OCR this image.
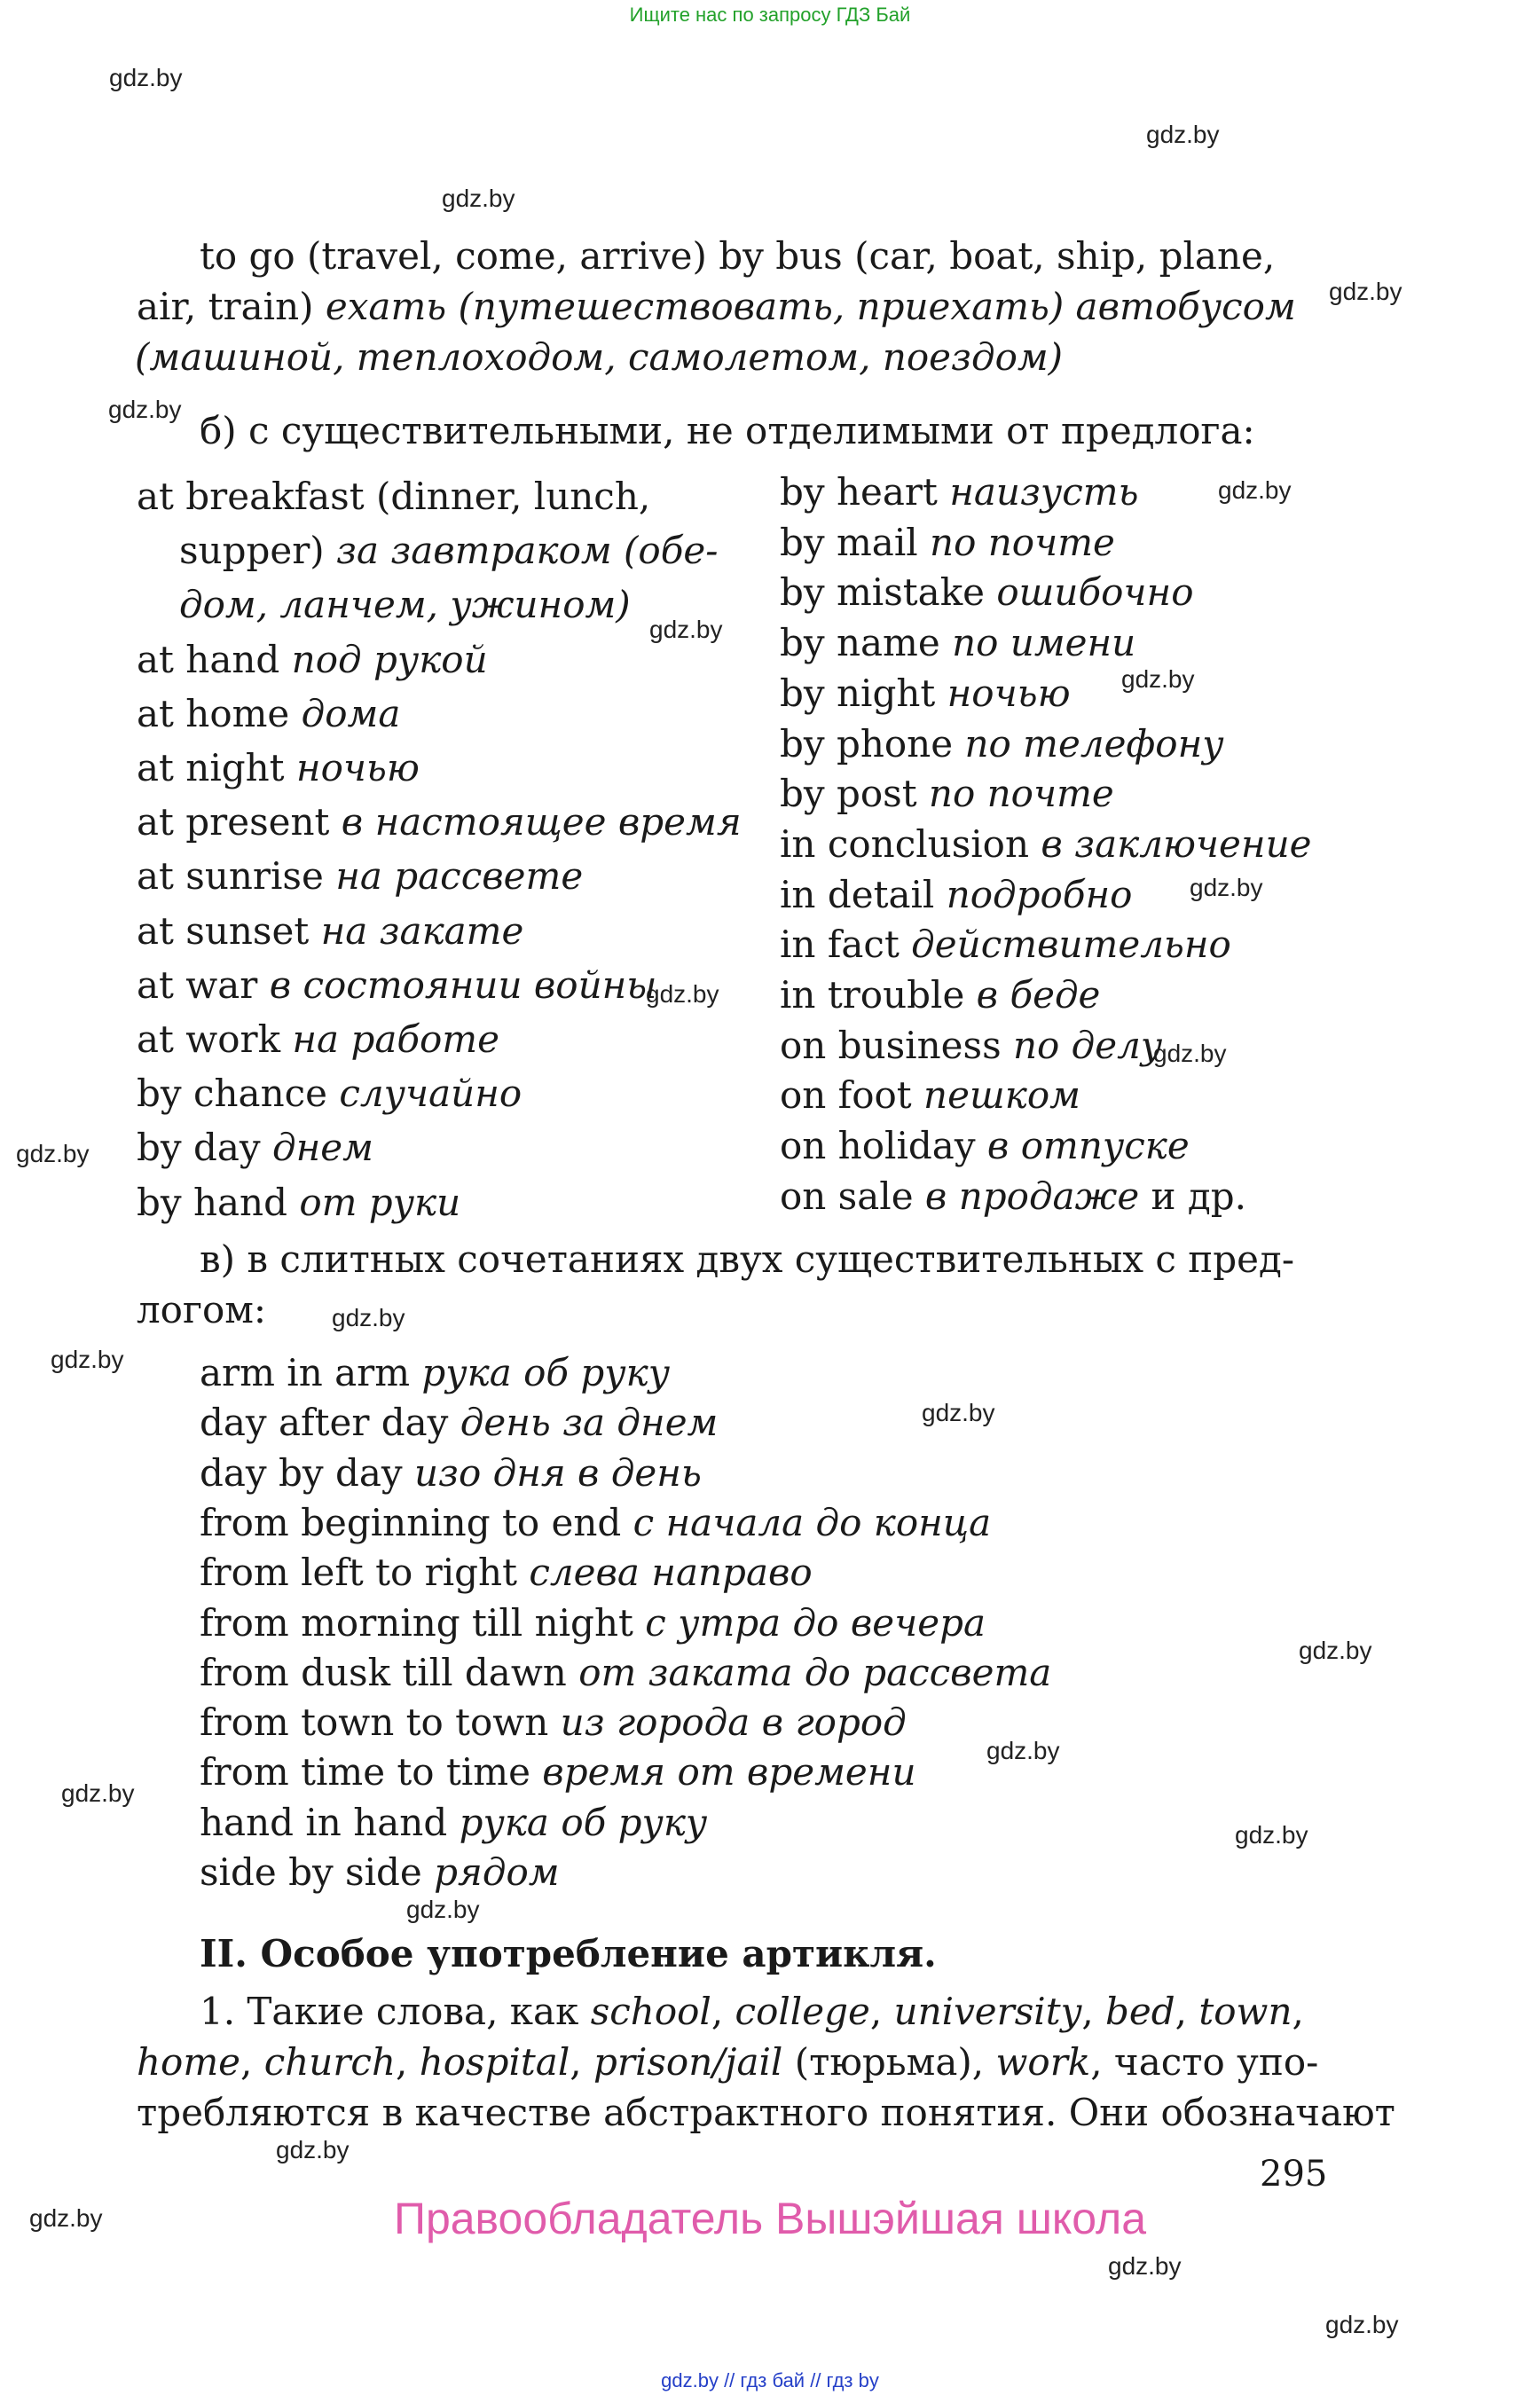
Ищите нас по запросу ГДЗ Бай
gdz.by
gdz.by
gdz.by
gdz.by
gdz.by
gdz.by
gdz.by
gdz.by
gdz.by
gdz.by
gdz.by
gdz.by
gdz.by
gdz.by
gdz.by
gdz.by
gdz.by
gdz.by
gdz.by
gdz.by
gdz.by
gdz.by
gdz.by
gdz.by
to go (travel, come, arrive) by bus (car, boat, ship, plane,
air, train) ехать (путешествовать, приехать) автобусом
(машиной, теплоходом, самолетом, поездом)
б) с существительными, не отделимыми от предлога:
at breakfast (dinner, lunch,
supper) за завтраком (обе-
дом, ланчем, ужином)
at hand под рукой
at home дома
at night ночью
at present в настоящее время
at sunrise на рассвете
at sunset на закате
at war в состоянии войны
at work на работе
by chance случайно
by day днем
by hand от руки
by heart наизусть
by mail по почте
by mistake ошибочно
by name по имени
by night ночью
by phone по телефону
by post по почте
in conclusion в заключение
in detail подробно
in fact действительно
in trouble в беде
on business по делу
on foot пешком
on holiday в отпуске
on sale в продаже и др.
в) в слитных сочетаниях двух существительных с пред-
логом:
arm in arm рука об руку
day after day день за днем
day by day изо дня в день
from beginning to end с начала до конца
from left to right слева направо
from morning till night с утра до вечера
from dusk till dawn от заката до рассвета
from town to town из города в город
from time to time время от времени
hand in hand рука об руку
side by side рядом
II. Особое употребление артикля.
1. Такие слова, как school, college, university, bed, town,
home, church, hospital, prison/jail (тюрьма), work, часто упо-
требляются в качестве абстрактного понятия. Они обозначают
295
Правообладатель Вышэйшая школа
gdz.by // гдз бай // гдз by
